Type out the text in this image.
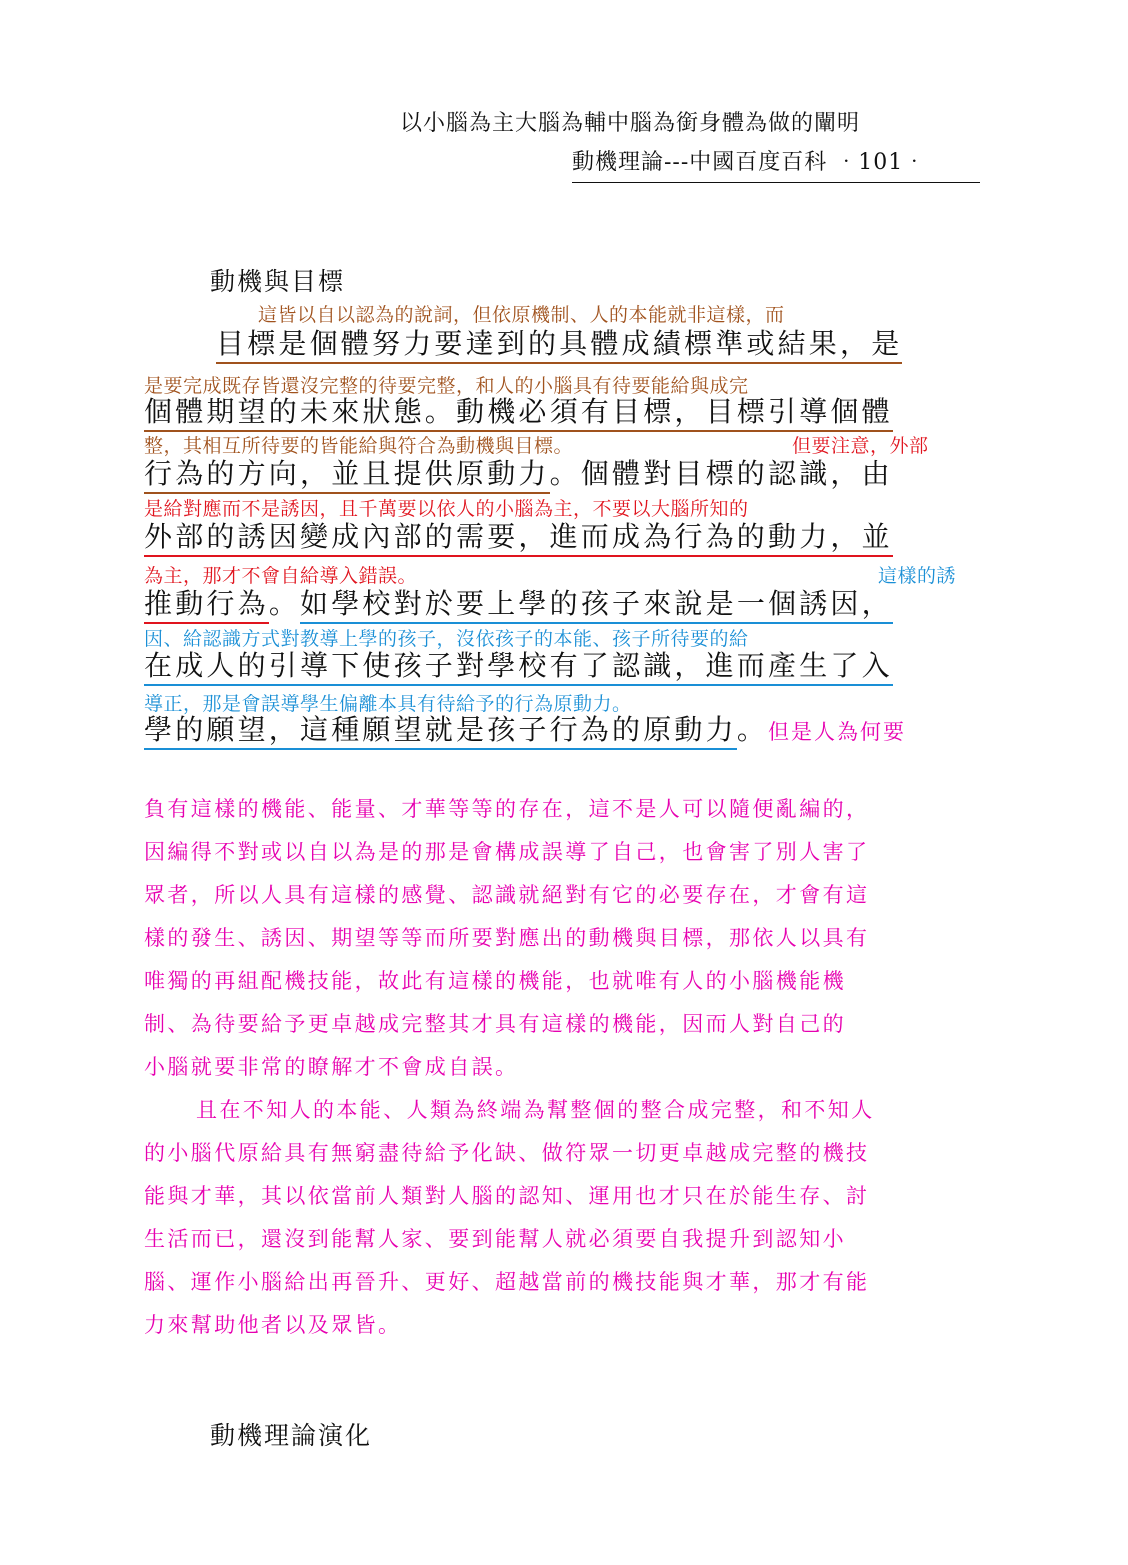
以小腦為主大腦為輔中腦為銜身體為做的闡明
動機理論---中國百度百科 ‧101‧
動機與目標
這皆以自以認為的說詞，但依原機制、人的本能就非這樣，而
目標是個體努力要達到的具體成績標準或結果，是
是要完成既存皆還沒完整的待要完整，和人的小腦具有待要能給與成完
個體期望的未來狀態。動機必須有目標，目標引導個體
整，其相互所待要的皆能給與符合為動機與目標。	但要注意，外部
行為的方向，並且提供原動力。個體對目標的認識，由
是給對應而不是誘因，且千萬要以依人的小腦為主，不要以大腦所知的
外部的誘因變成內部的需要，進而成為行為的動力，並
為主，那才不會自給導入錯誤。	這樣的誘
推動行為。如學校對於要上學的孩子來說是一個誘因，
因、給認識方式對教導上學的孩子，沒依孩子的本能、孩子所待要的給
在成人的引導下使孩子對學校有了認識，進而產生了入
導正，那是會誤導學生偏離本具有待給予的行為原動力。
學的願望，這種願望就是孩子行為的原動力。但是人為何要
負有這樣的機能、能量、才華等等的存在，這不是人可以隨便亂編的，
因編得不對或以自以為是的那是會構成誤導了自己，也會害了別人害了
眾者，所以人具有這樣的感覺、認識就絕對有它的必要存在，才會有這
樣的發生、誘因、期望等等而所要對應出的動機與目標，那依人以具有
唯獨的再組配機技能，故此有這樣的機能，也就唯有人的小腦機能機
制、為待要給予更卓越成完整其才具有這樣的機能，因而人對自己的
小腦就要非常的瞭解才不會成自誤。
且在不知人的本能、人類為終端為幫整個的整合成完整，和不知人
的小腦代原給具有無窮盡待給予化缺、做符眾一切更卓越成完整的機技
能與才華，其以依當前人類對人腦的認知、運用也才只在於能生存、討
生活而已，還沒到能幫人家、要到能幫人就必須要自我提升到認知小
腦、運作小腦給出再晉升、更好、超越當前的機技能與才華，那才有能
力來幫助他者以及眾皆。
動機理論演化
